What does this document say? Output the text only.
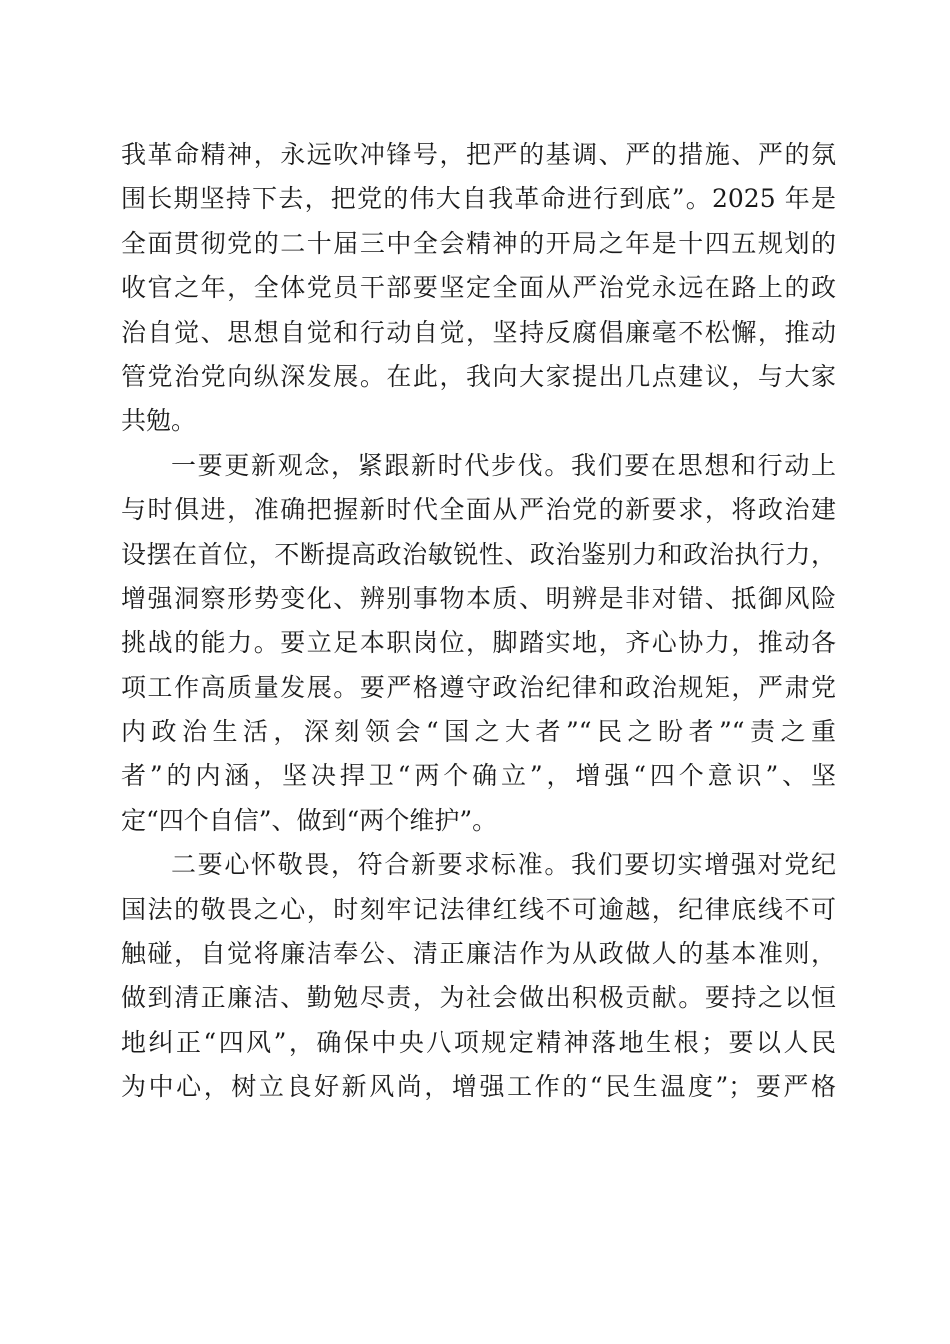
我革命精神，永远吹冲锋号，把严的基调、严的措施、严的氛
围长期坚持下去，把党的伟大自我革命进行到底”。2025 年是
全面贯彻党的二十届三中全会精神的开局之年是十四五规划的
收官之年，全体党员干部要坚定全面从严治党永远在路上的政
治自觉、思想自觉和行动自觉，坚持反腐倡廉毫不松懈，推动
管党治党向纵深发展。在此，我向大家提出几点建议，与大家
共勉。
一要更新观念，紧跟新时代步伐。我们要在思想和行动上
与时俱进，准确把握新时代全面从严治党的新要求，将政治建
设摆在首位，不断提高政治敏锐性、政治鉴别力和政治执行力，
增强洞察形势变化、辨别事物本质、明辨是非对错、抵御风险
挑战的能力。要立足本职岗位，脚踏实地，齐心协力，推动各
项工作高质量发展。要严格遵守政治纪律和政治规矩，严肃党
内政治生活，深刻领会“国之大者”“民之盼者”“责之重
者”的内涵，坚决捍卫“两个确立”，增强“四个意识”、坚
定“四个自信”、做到“两个维护”。
二要心怀敬畏，符合新要求标准。我们要切实增强对党纪
国法的敬畏之心，时刻牢记法律红线不可逾越，纪律底线不可
触碰，自觉将廉洁奉公、清正廉洁作为从政做人的基本准则，
做到清正廉洁、勤勉尽责，为社会做出积极贡献。要持之以恒
地纠正“四风”，确保中央八项规定精神落地生根；要以人民
为中心，树立良好新风尚，增强工作的“民生温度”；要严格
